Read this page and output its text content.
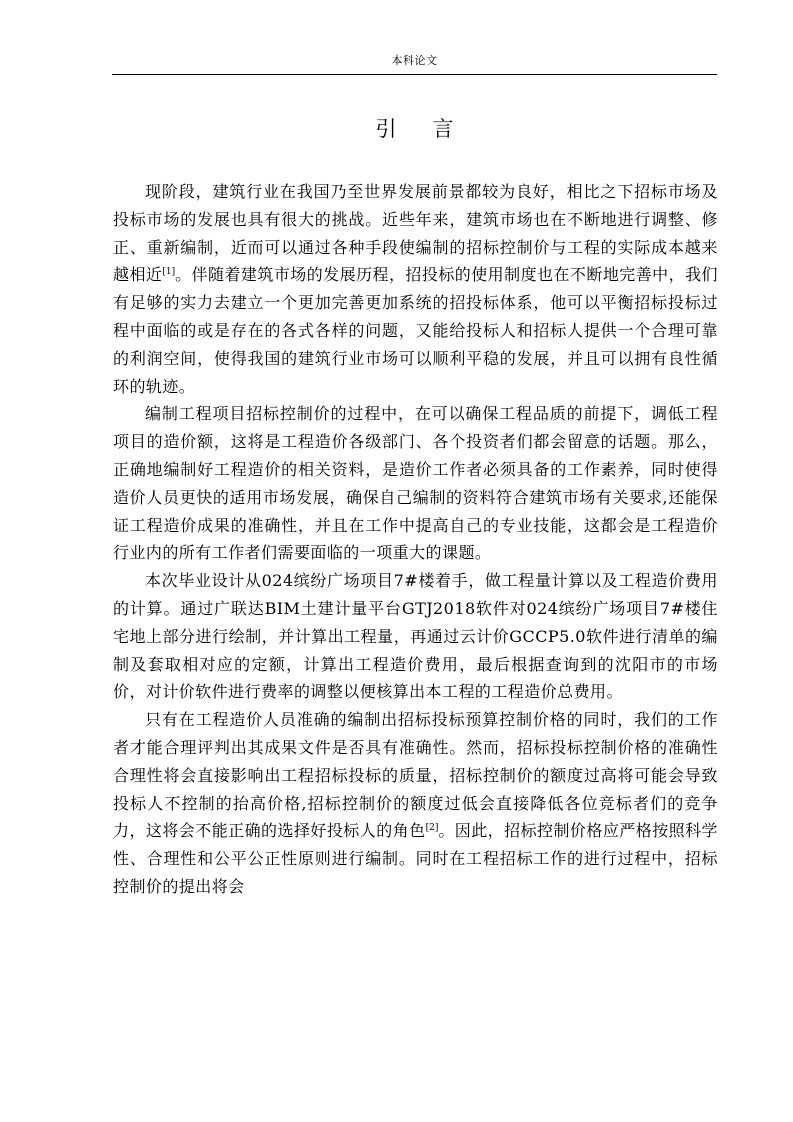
本科论文
引言

现阶段，建筑行业在我国乃至世界发展前景都较为良好，相比之下招标市场及投标市场的发展也具有很大的挑战。近些年来，建筑市场也在不断地进行调整、修正、重新编制，近而可以通过各种手段使编制的招标控制价与工程的实际成本越来越相近[1]。伴随着建筑市场的发展历程，招投标的使用制度也在不断地完善中，我们有足够的实力去建立一个更加完善更加系统的招投标体系，他可以平衡招标投标过程中面临的或是存在的各式各样的问题，又能给投标人和招标人提供一个合理可靠的利润空间，使得我国的建筑行业市场可以顺利平稳的发展，并且可以拥有良性循环的轨迹。

编制工程项目招标控制价的过程中，在可以确保工程品质的前提下，调低工程项目的造价额，这将是工程造价各级部门、各个投资者们都会留意的话题。那么，正确地编制好工程造价的相关资料，是造价工作者必须具备的工作素养，同时使得造价人员更快的适用市场发展，确保自己编制的资料符合建筑市场有关要求,还能保证工程造价成果的准确性，并且在工作中提高自己的专业技能，这都会是工程造价行业内的所有工作者们需要面临的一项重大的课题。

本次毕业设计从024缤纷广场项目7#楼着手，做工程量计算以及工程造价费用的计算。通过广联达BIM土建计量平台GTJ2018软件对024缤纷广场项目7#楼住宅地上部分进行绘制，并计算出工程量，再通过云计价GCCP5.0软件进行清单的编制及套取相对应的定额，计算出工程造价费用，最后根据查询到的沈阳市的市场价，对计价软件进行费率的调整以便核算出本工程的工程造价总费用。

只有在工程造价人员准确的编制出招标投标预算控制价格的同时，我们的工作者才能合理评判出其成果文件是否具有准确性。然而，招标投标控制价格的准确性合理性将会直接影响出工程招标投标的质量，招标控制价的额度过高将可能会导致投标人不控制的抬高价格,招标控制价的额度过低会直接降低各位竞标者们的竞争力，这将会不能正确的选择好投标人的角色[2]。因此，招标控制价格应严格按照科学性、合理性和公平公正性原则进行编制。同时在工程招标工作的进行过程中，招标控制价的提出将会
